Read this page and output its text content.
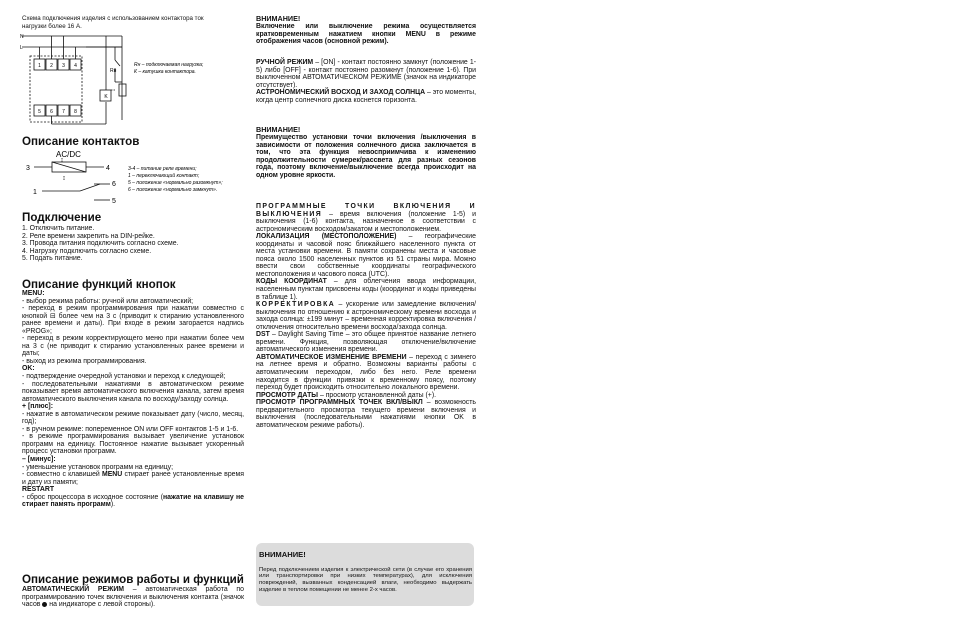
Схема подключения изделия с использованием контактора ток

нагрузки более 16 А.

N
L
1 2 3 4
5 6 7 8
K
Rн
Rн – подключаемая нагрузка;
К – катушка контактора.
Описание контактов
AC/DC
3	4
6
1
5
3-4 – питание реле времени;
1 – переключающий контакт;
5 – положение «нормально разомкнут»;
6 – положение «нормально замкнут».
Подключение

1. Отключить питание.

2. Реле времени закрепить на DIN-рейке.

3. Провода питания подключить согласно схеме.

4. Нагрузку подключить согласно схеме.

5. Подать питание.

Описание функций кнопок

MENU:

- выбор режима работы: ручной или автоматический;

- переход в режим программирования при нажатии совместно с кнопкой ⊟ более чем на 3 с (приводит к стиранию установленного ранее времени и даты). При входе в режим загорается надпись «PROG»;

- переход в режим корректирующего меню при нажатии более чем на 3 с (не приводит к стиранию установленных ранее времени и даты;

- выход из режима программирования.

OK:

- подтверждение очередной установки и переход к следующей;

- последовательными нажатиями в автоматическом режиме показывает время автоматического включения канала, затем время автоматического выключения канала по восходу/заходу солнца.

+ [плюс]:

- нажатие в автоматическом режиме показывает дату (число, месяц, год);

- в ручном режиме: попеременное ON или OFF контактов 1-5 и 1-6.

- в режиме программирования вызывает увеличение установок программ на единицу. Постоянное нажатие вызывает ускоренный процесс установки программ.

– [минус]:

- уменьшение установок программ на единицу;

- совместно с клавишей MENU стирает ранее установленные время и дату из памяти;

RESTART

- сброс процессора в исходное состояние (нажатие на клавишу не стирает память программ).

Описание режимов работы и функций

АВТОМАТИЧЕСКИЙ РЕЖИМ – автоматическая работа по программированию точек включения и выключения контакта (значок часов на индикаторе с левой стороны).

ВНИМАНИЕ!

Включение или выключение режима осуществляется кратковременным нажатием кнопки MENU в режиме отображения часов (основной режим).

РУЧНОЙ РЕЖИМ – [ON] - контакт постоянно замкнут (положение 1-5) либо [OFF] - контакт постоянно разомкнут (положение 1-6). При выключенном АВТОМАТИЧЕСКОМ РЕЖИМЕ (значок на индикаторе отсутствует).

АСТРОНОМИЧЕСКИЙ ВОСХОД И ЗАХОД СОЛНЦА – это моменты, когда центр солнечного диска коснется горизонта.

ВНИМАНИЕ!

Преимущество установки точки включения /выключения в зависимости от положения солнечного диска заключается в том, что эта функция невосприимчива к изменению продолжительности сумерек/рассвета для разных сезонов года, поэтому включение/выключение всегда происходит на одном уровне яркости.

ПРОГРАММНЫЕ ТОЧКИ ВКЛЮЧЕНИЯ И ВЫКЛЮЧЕНИЯ – время включения (положение 1-5) и выключения (1-6) контакта, назначенное в соответствии с астрономическим восходом/закатом и местоположением.

ЛОКАЛИЗАЦИЯ (МЕСТОПОЛОЖЕНИЕ) – географические координаты и часовой пояс ближайшего населенного пункта от места установки времени. В памяти сохранены места и часовые пояса около 1500 населенных пунктов из 51 страны мира. Можно ввести свои собственные координаты географического местоположения и часового пояса (UTC).

КОДЫ КООРДИНАТ – для облегчения ввода информации, населенным пунктам присвоены коды (координат и коды приведены в таблице 1).

КОРРЕКТИРОВКА – ускорение или замедление включения/выключения по отношению к астрономическому времени восхода и захода солнца: ±199 минут – временная корректировка включения /отключения относительно времени восхода/захода солнца.

DST – Daylight Saving Time – это общее принятое название летнего времени. Функция, позволяющая отключение/включение автоматического изменения времени.

АВТОМАТИЧЕСКОЕ ИЗМЕНЕНИЕ ВРЕМЕНИ – переход с зимнего на летнее время и обратно. Возможны варианты работы с автоматическим переходом, либо без него. Реле времени находится в функции привязки к временному поясу, поэтому переход будет происходить относительно локального времени.

ПРОСМОТР ДАТЫ – просмотр установленной даты (+).

ПРОСМОТР ПРОГРАММНЫХ ТОЧЕК ВКЛ/ВЫКЛ – возможность предварительного просмотра текущего времени включения и выключения (последовательными нажатиями кнопки OK в автоматическом режиме работы).

ВНИМАНИЕ!

Перед подключением изделия к электрической сети (в случае его хранения или транспортировки при низких температурах), для исключения повреждений, вызванных конденсацией влаги, необходимо выдержать изделие в теплом помещении не менее 2-х часов.
